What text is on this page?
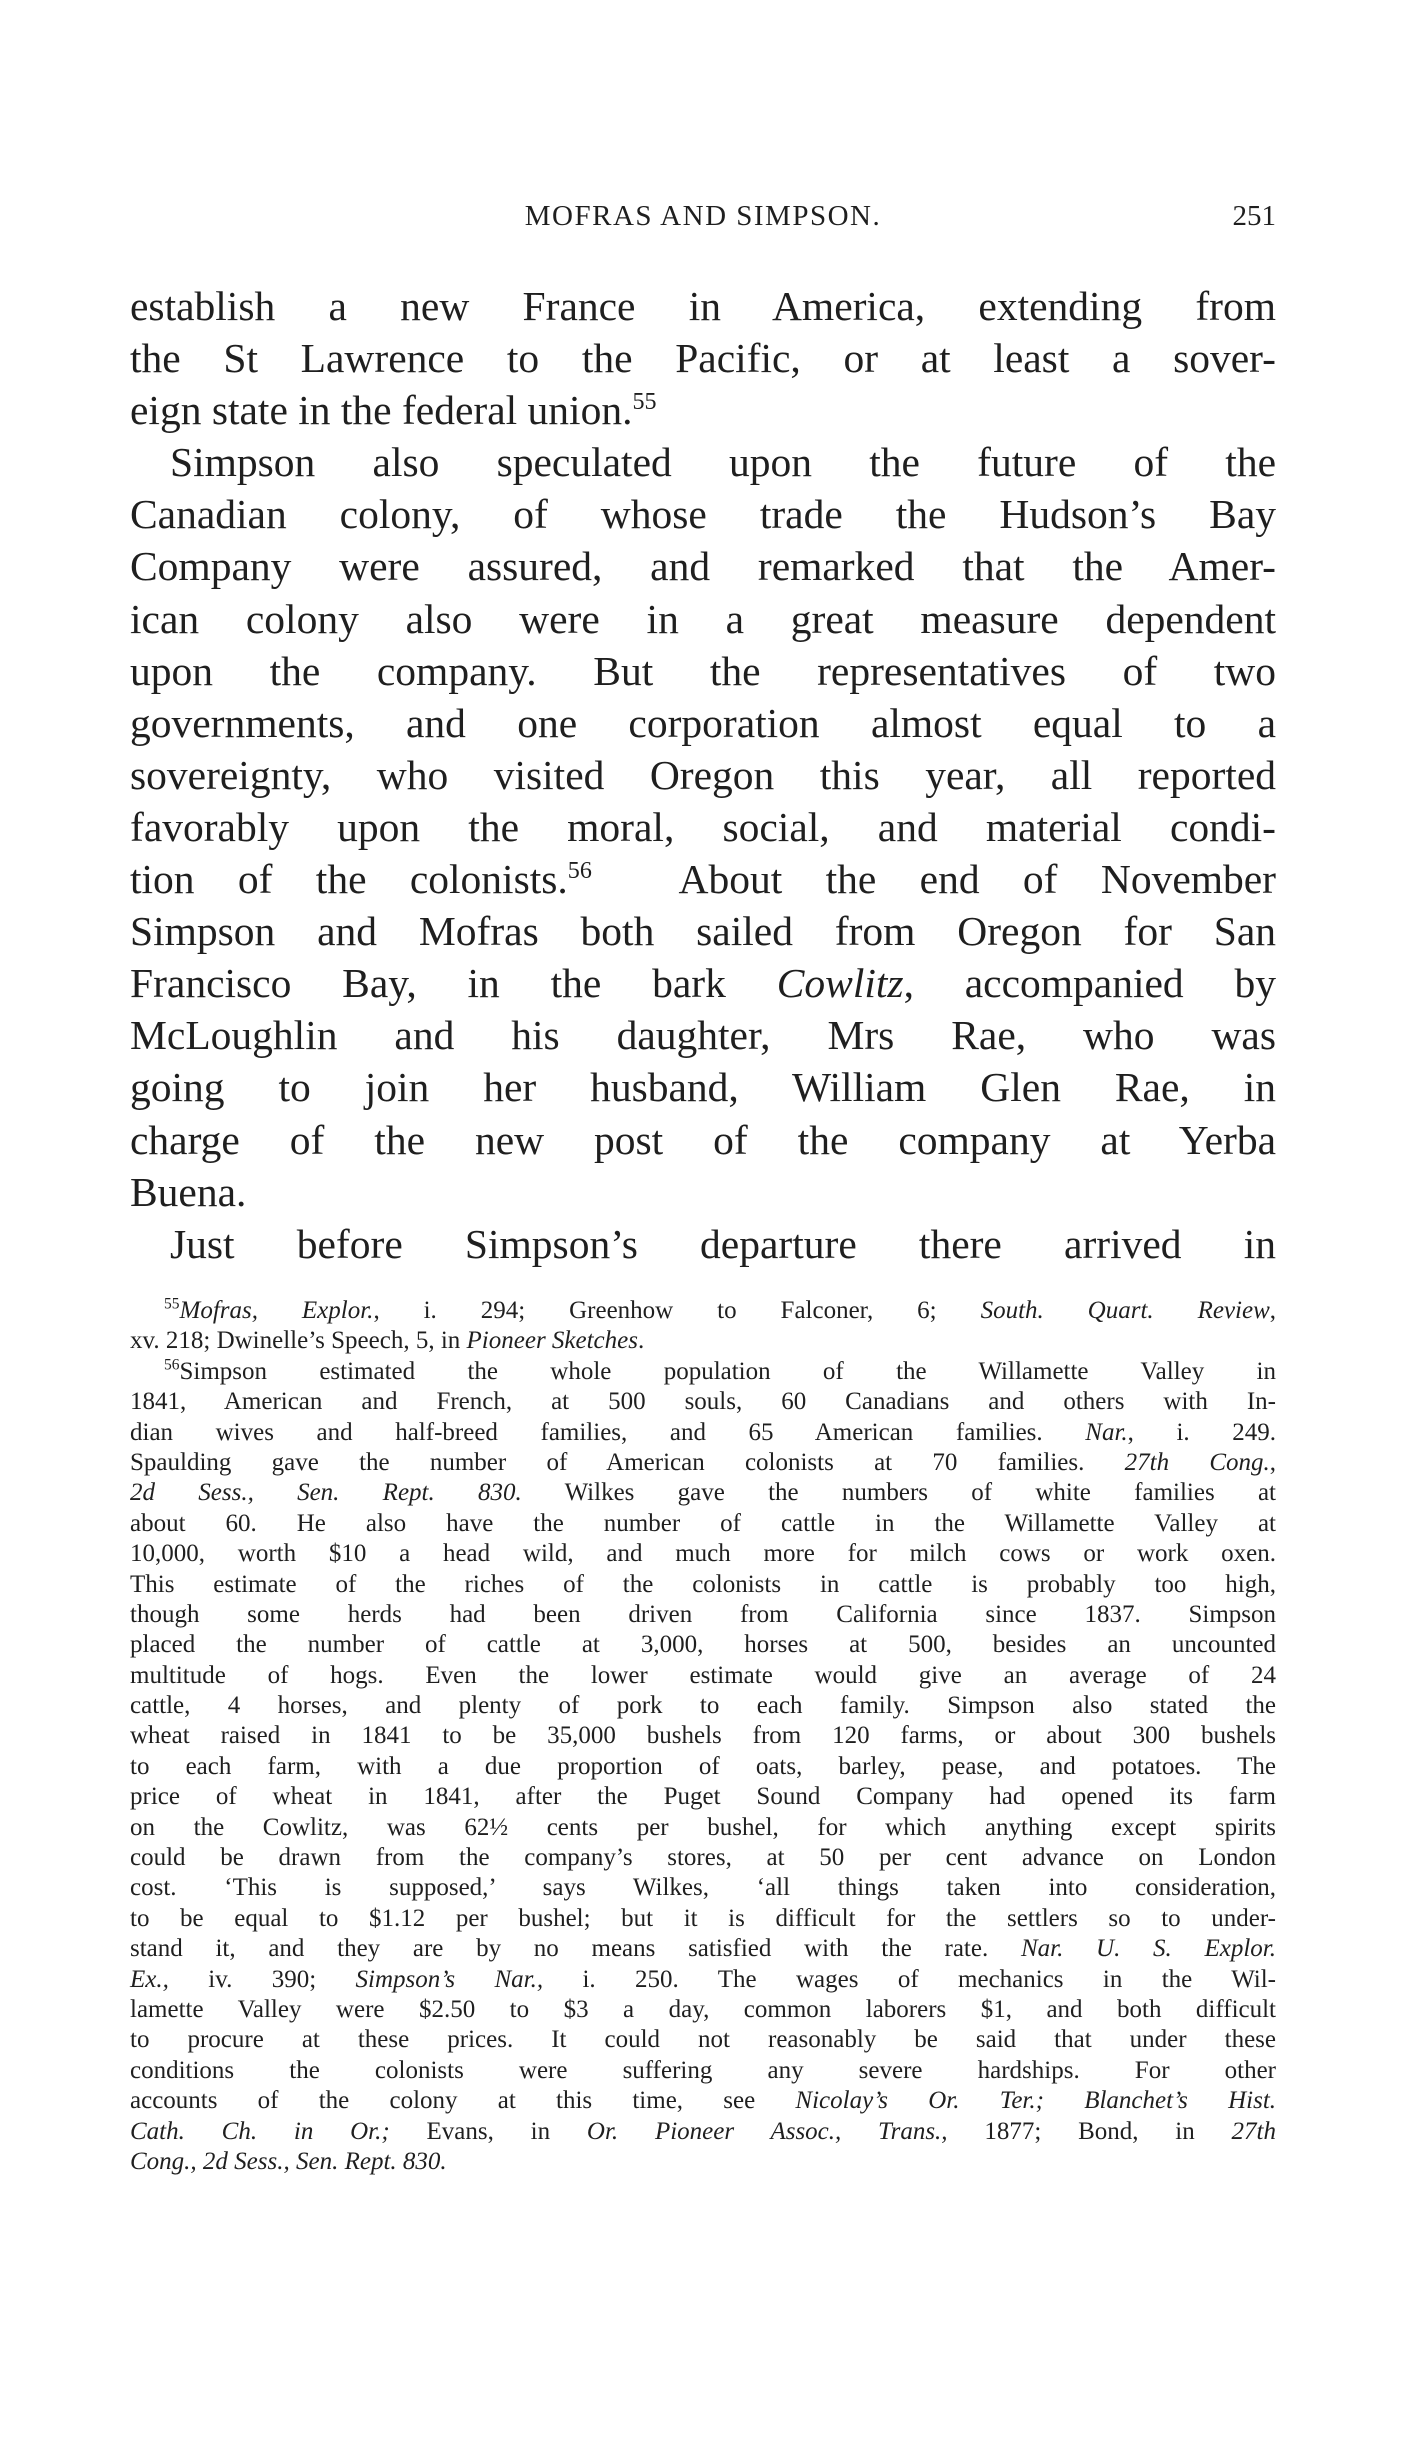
MOFRAS AND SIMPSON.	251
establish a new France in America, extending from
the St Lawrence to the Pacific, or at least a sover-
eign state in the federal union.$^{55}$
Simpson also speculated upon the future of the
Canadian colony, of whose trade the Hudson’s Bay
Company were assured, and remarked that the Amer-
ican colony also were in a great measure dependent
upon the company. But the representatives of two
governments, and one corporation almost equal to a
sovereignty, who visited Oregon this year, all reported
favorably upon the moral, social, and material condi-
tion of the colonists.$^{56}$ About the end of November
Simpson and Mofras both sailed from Oregon for San
Francisco Bay, in the bark Cowlitz, accompanied by
McLoughlin and his daughter, Mrs Rae, who was
going to join her husband, William Glen Rae, in
charge of the new post of the company at Yerba
Buena.
Just before Simpson’s departure there arrived in
$^{55}$Mofras, Explor., i. 294; Greenhow to Falconer, 6; South. Quart. Review,
xv. 218; Dwinelle’s Speech, 5, in Pioneer Sketches.
$^{56}$Simpson estimated the whole population of the Willamette Valley in
1841, American and French, at 500 souls, 60 Canadians and others with In-
dian wives and half-breed families, and 65 American families. Nar., i. 249.
Spaulding gave the number of American colonists at 70 families. 27th Cong.,
2d Sess., Sen. Rept. 830. Wilkes gave the numbers of white families at
about 60. He also have the number of cattle in the Willamette Valley at
10,000, worth $10 a head wild, and much more for milch cows or work oxen.
This estimate of the riches of the colonists in cattle is probably too high,
though some herds had been driven from California since 1837. Simpson
placed the number of cattle at 3,000, horses at 500, besides an uncounted
multitude of hogs. Even the lower estimate would give an average of 24
cattle, 4 horses, and plenty of pork to each family. Simpson also stated the
wheat raised in 1841 to be 35,000 bushels from 120 farms, or about 300 bushels
to each farm, with a due proportion of oats, barley, pease, and potatoes. The
price of wheat in 1841, after the Puget Sound Company had opened its farm
on the Cowlitz, was 62½ cents per bushel, for which anything except spirits
could be drawn from the company’s stores, at 50 per cent advance on London
cost. ‘This is supposed,’ says Wilkes, ‘all things taken into consideration,
to be equal to $1.12 per bushel; but it is difficult for the settlers so to under-
stand it, and they are by no means satisfied with the rate. Nar. U. S. Explor.
Ex., iv. 390; Simpson’s Nar., i. 250. The wages of mechanics in the Wil-
lamette Valley were $2.50 to $3 a day, common laborers $1, and both difficult
to procure at these prices. It could not reasonably be said that under these
conditions the colonists were suffering any severe hardships. For other
accounts of the colony at this time, see Nicolay’s Or. Ter.; Blanchet’s Hist.
Cath. Ch. in Or.; Evans, in Or. Pioneer Assoc., Trans., 1877; Bond, in 27th
Cong., 2d Sess., Sen. Rept. 830.
